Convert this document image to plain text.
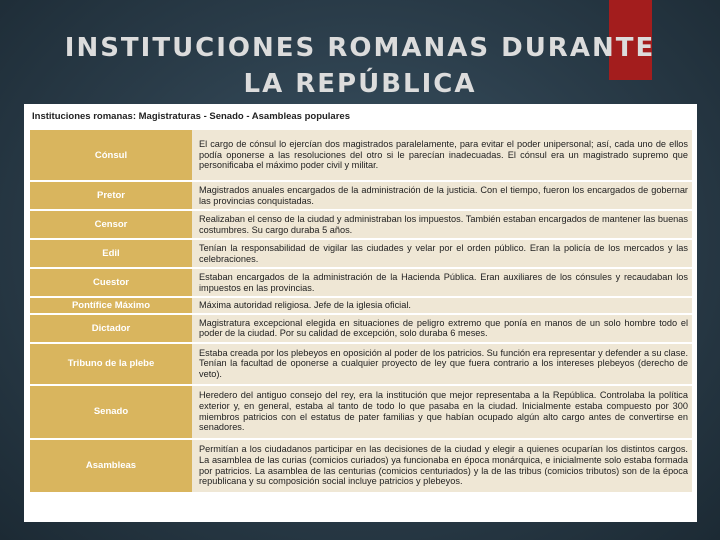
INSTITUCIONES ROMANAS DURANTE LA REPÚBLICA
Instituciones romanas: Magistraturas - Senado - Asambleas populares
Cónsul	El cargo de cónsul lo ejercían dos magistrados paralelamente, para evitar el poder unipersonal; así, cada uno de ellos podía oponerse a las resoluciones del otro si le parecían inadecuadas. El cónsul era un magistrado supremo que personificaba el máximo poder civil y militar.
Pretor	Magistrados anuales encargados de la administración de la justicia. Con el tiempo, fueron los encargados de gobernar las provincias conquistadas.
Censor	Realizaban el censo de la ciudad y administraban los impuestos. También estaban encargados de mantener las buenas costumbres. Su cargo duraba 5 años.
Edil	Tenían la responsabilidad de vigilar las ciudades y velar por el orden público. Eran la policía de los mercados y las celebraciones.
Cuestor	Estaban encargados de la administración de la Hacienda Pública. Eran auxiliares de los cónsules y recaudaban los impuestos en las provincias.
Pontífice Máximo	Máxima autoridad religiosa. Jefe de la iglesia oficial.
Dictador	Magistratura excepcional elegida en situaciones de peligro extremo que ponía en manos de un solo hombre todo el poder de la ciudad. Por su calidad de excepción, solo duraba 6 meses.
Tribuno de la plebe	Estaba creada por los plebeyos en oposición al poder de los patricios. Su función era representar y defender a su clase. Tenían la facultad de oponerse a cualquier proyecto de ley que fuera contrario a los intereses plebeyos (derecho de veto).
Senado	Heredero del antiguo consejo del rey, era la institución que mejor representaba a la República. Controlaba la política exterior y, en general, estaba al tanto de todo lo que pasaba en la ciudad. Inicialmente estaba compuesto por 300 miembros patricios con el estatus de pater familias y que habían ocupado algún alto cargo antes de convertirse en senadores.
Asambleas	Permitían a los ciudadanos participar en las decisiones de la ciudad y elegir a quienes ocuparían los distintos cargos. La asamblea de las curias (comicios curiados) ya funcionaba en época monárquica, e inicialmente solo estaba formada por patricios. La asamblea de las centurias (comicios centuriados) y la de las tribus (comicios tributos) son de la época republicana y su composición social incluye patricios y plebeyos.
